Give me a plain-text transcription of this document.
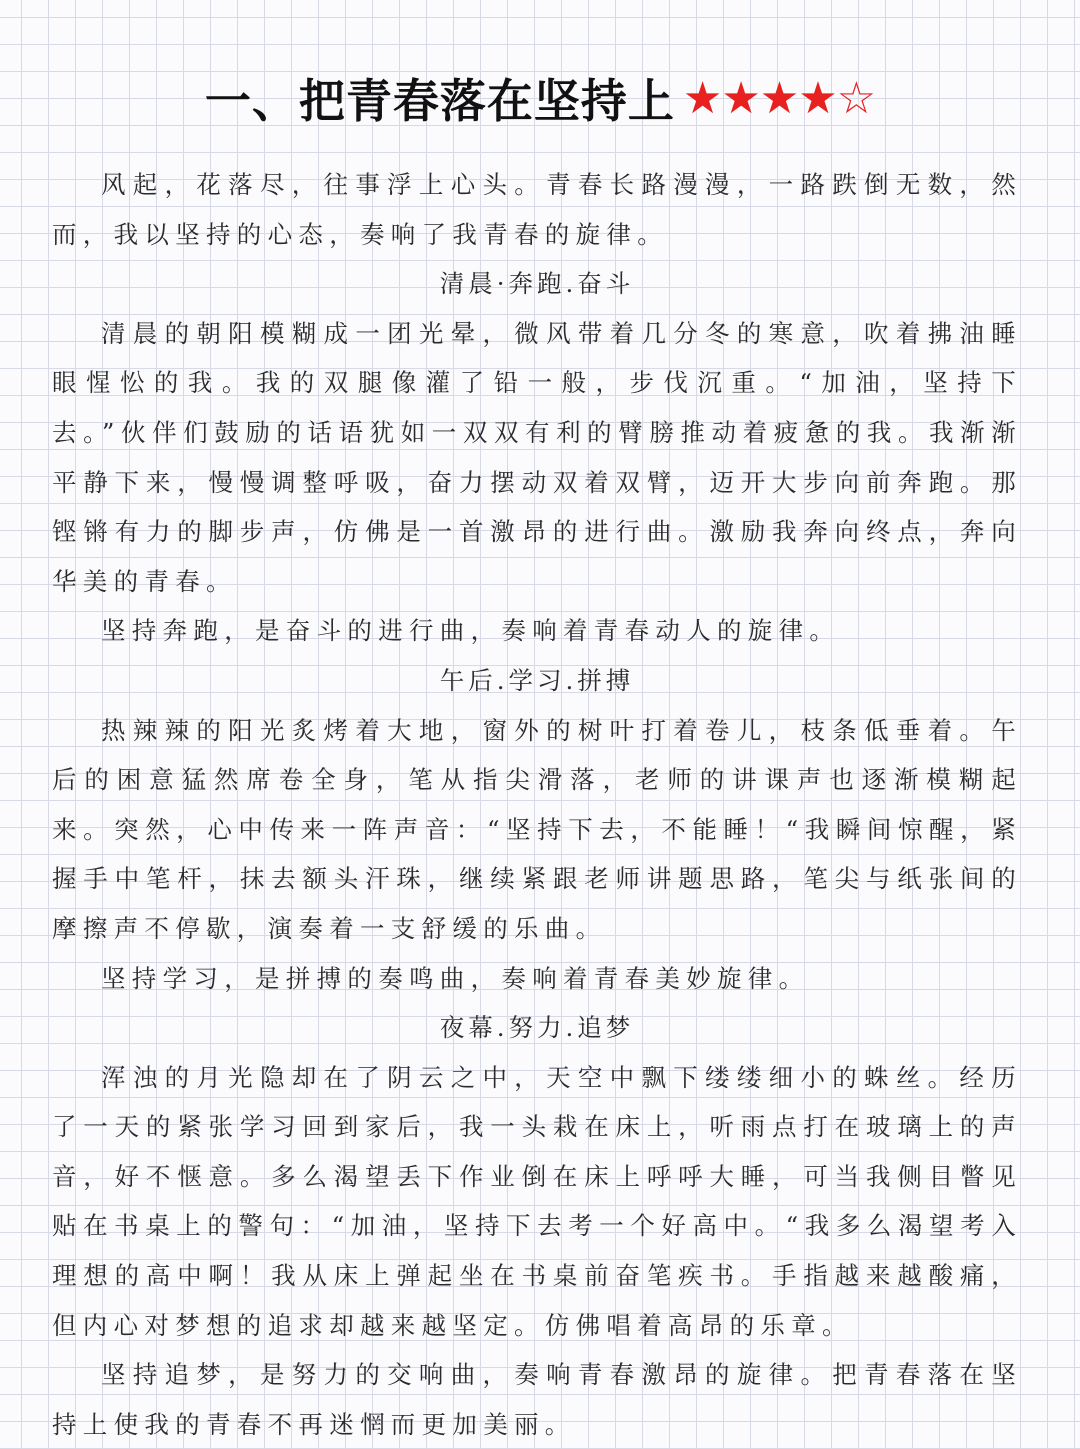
一、把青春落在坚持上 ★★★★☆

风起，花落尽，往事浮上心头。青春长路漫漫，一路跌倒无数，然而，我以坚持的心态，奏响了我青春的旋律。

清晨·奔跑.奋斗

清晨的朝阳模糊成一团光晕，微风带着几分冬的寒意，吹着拂油睡眼惺忪的我。我的双腿像灌了铅一般，步伐沉重。“加油，坚持下去。”伙伴们鼓励的话语犹如一双双有利的臂膀推动着疲惫的我。我渐渐平静下来，慢慢调整呼吸，奋力摆动双着双臂，迈开大步向前奔跑。那铿锵有力的脚步声，仿佛是一首激昂的进行曲。激励我奔向终点，奔向华美的青春。

坚持奔跑，是奋斗的进行曲，奏响着青春动人的旋律。

午后.学习.拼搏

热辣辣的阳光炙烤着大地，窗外的树叶打着卷儿，枝条低垂着。午后的困意猛然席卷全身，笔从指尖滑落，老师的讲课声也逐渐模糊起来。突然，心中传来一阵声音：“坚持下去，不能睡！“我瞬间惊醒，紧握手中笔杆，抹去额头汗珠，继续紧跟老师讲题思路，笔尖与纸张间的摩擦声不停歇，演奏着一支舒缓的乐曲。

坚持学习，是拼搏的奏鸣曲，奏响着青春美妙旋律。

夜幕.努力.追梦

浑浊的月光隐却在了阴云之中，天空中飘下缕缕细小的蛛丝。经历了一天的紧张学习回到家后，我一头栽在床上，听雨点打在玻璃上的声音，好不惬意。多么渴望丢下作业倒在床上呼呼大睡，可当我侧目瞥见贴在书桌上的警句：“加油，坚持下去考一个好高中。“我多么渴望考入理想的高中啊！我从床上弹起坐在书桌前奋笔疾书。手指越来越酸痛，但内心对梦想的追求却越来越坚定。仿佛唱着高昂的乐章。

坚持追梦，是努力的交响曲，奏响青春激昂的旋律。把青春落在坚持上使我的青春不再迷惘而更加美丽。
